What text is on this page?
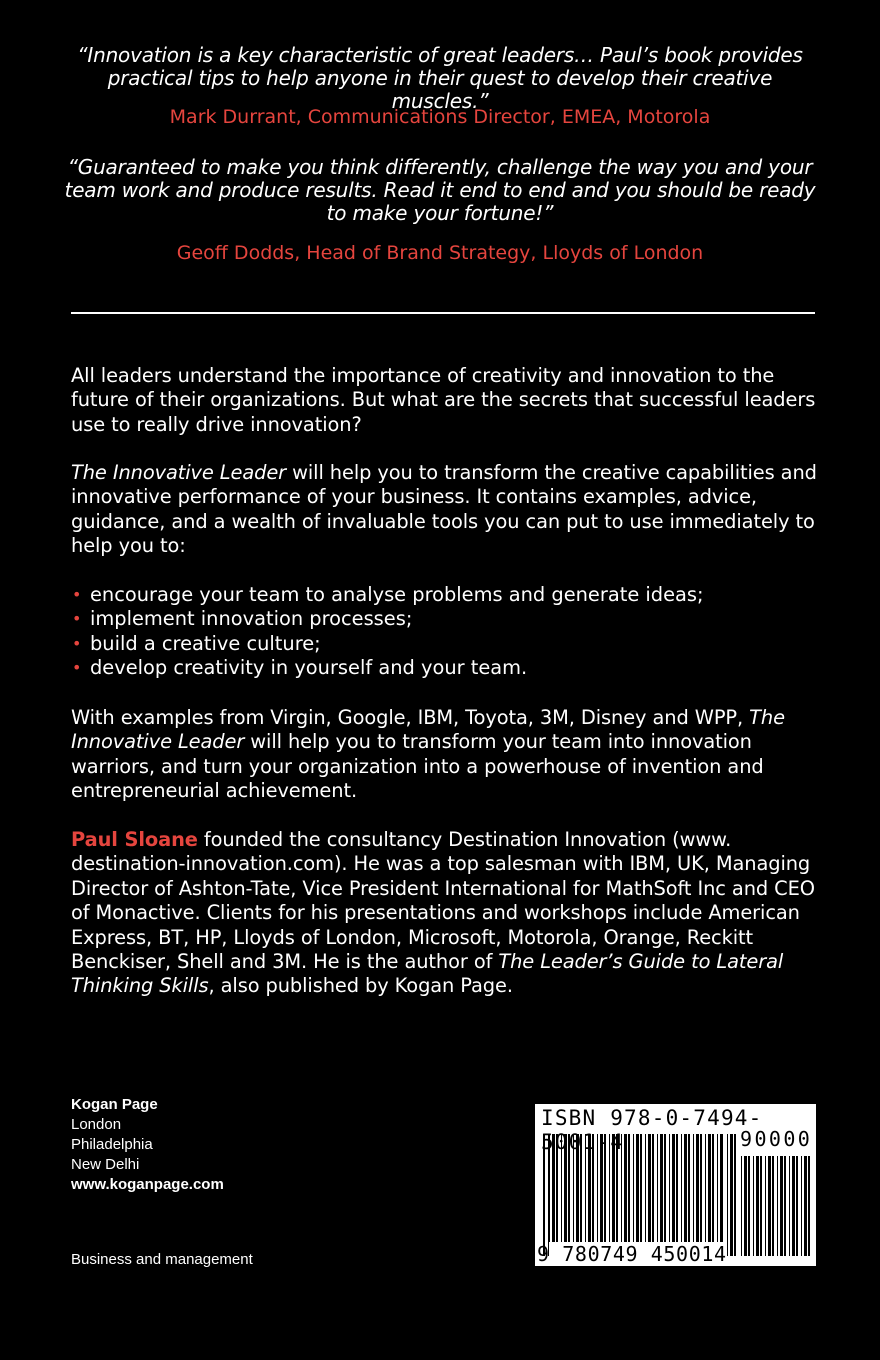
“Innovation is a key characteristic of great leaders… Paul’s book provides
practical tips to help anyone in their quest to develop their creative muscles.”
Mark Durrant, Communications Director, EMEA, Motorola
“Guaranteed to make you think differently, challenge the way you and your
team work and produce results. Read it end to end and you should be ready
to make your fortune!”
Geoff Dodds, Head of Brand Strategy, Lloyds of London

All leaders understand the importance of creativity and innovation to the future of their organizations. But what are the secrets that successful leaders use to really drive innovation?

The Innovative Leader will help you to transform the creative capabilities and innovative performance of your business. It contains examples, advice, guidance, and a wealth of invaluable tools you can put to use immediately to help you to:

• encourage your team to analyse problems and generate ideas;
• implement innovation processes;
• build a creative culture;
• develop creativity in yourself and your team.

With examples from Virgin, Google, IBM, Toyota, 3M, Disney and WPP, The Innovative Leader will help you to transform your team into innovation warriors, and turn your organization into a powerhouse of invention and entrepreneurial achievement.

Paul Sloane founded the consultancy Destination Innovation (www. destination-innovation.com). He was a top salesman with IBM, UK, Managing Director of Ashton-Tate, Vice President International for MathSoft Inc and CEO of Monactive. Clients for his presentations and workshops include American Express, BT, HP, Lloyds of London, Microsoft, Motorola, Orange, Reckitt Benckiser, Shell and 3M. He is the author of The Leader’s Guide to Lateral Thinking Skills, also published by Kogan Page.

Kogan Page
London
Philadelphia
New Delhi
www.koganpage.com
Business and management
ISBN 978-0-7494-5001-4	90000
9 780749 450014
